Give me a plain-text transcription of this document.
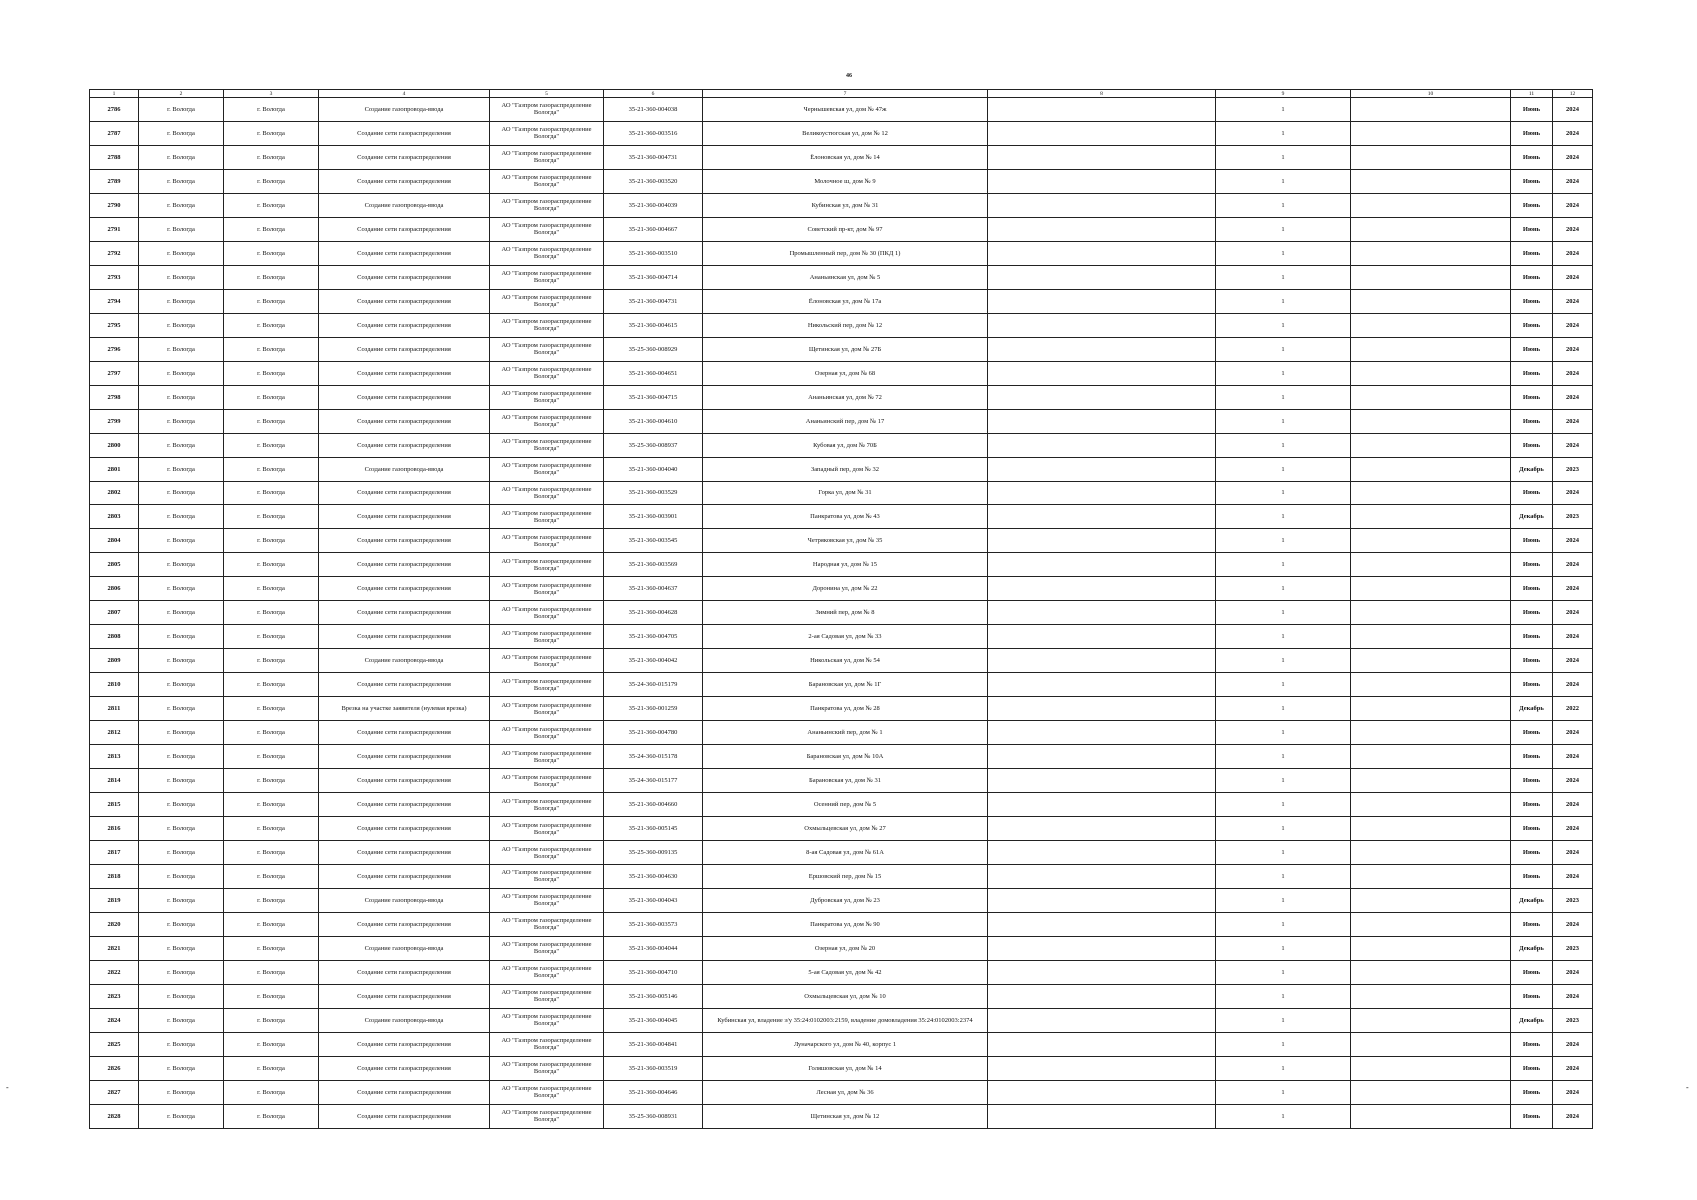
46
1	2	3	4	5	6	7	8	9	10	11	12
2786	г. Вологда	г. Вологда	Создание газопровода-ввода	АО "Газпром газораспределение Вологда"	35-21-360-004038	Чернышевская ул, дом № 47ж		1		Июнь	2024
2787	г. Вологда	г. Вологда	Создание сети газораспределения	АО "Газпром газораспределение Вологда"	35-21-360-003516	Великоустюгская ул, дом № 12		1		Июнь	2024
2788	г. Вологда	г. Вологда	Создание сети газораспределения	АО "Газпром газораспределение Вологда"	35-21-360-004731	Ёлоновская ул, дом № 14		1		Июнь	2024
2789	г. Вологда	г. Вологда	Создание сети газораспределения	АО "Газпром газораспределение Вологда"	35-21-360-003520	Молочное ш, дом № 9		1		Июнь	2024
2790	г. Вологда	г. Вологда	Создание газопровода-ввода	АО "Газпром газораспределение Вологда"	35-21-360-004039	Кубинская ул, дом № 31		1		Июнь	2024
2791	г. Вологда	г. Вологда	Создание сети газораспределения	АО "Газпром газораспределение Вологда"	35-21-360-004667	Советский пр-кт, дом № 97		1		Июнь	2024
2792	г. Вологда	г. Вологда	Создание сети газораспределения	АО "Газпром газораспределение Вологда"	35-21-360-003510	Промышленный пер, дом № 30 (ПКД 1)		1		Июнь	2024
2793	г. Вологда	г. Вологда	Создание сети газораспределения	АО "Газпром газораспределение Вологда"	35-21-360-004714	Ананьинская ул, дом № 5		1		Июнь	2024
2794	г. Вологда	г. Вологда	Создание сети газораспределения	АО "Газпром газораспределение Вологда"	35-21-360-004731	Ёлоновская ул, дом № 17а		1		Июнь	2024
2795	г. Вологда	г. Вологда	Создание сети газораспределения	АО "Газпром газораспределение Вологда"	35-21-360-004615	Никольский пер, дом № 12		1		Июнь	2024
2796	г. Вологда	г. Вологда	Создание сети газораспределения	АО "Газпром газораспределение Вологда"	35-25-360-008929	Щетинская ул, дом № 27Б		1		Июнь	2024
2797	г. Вологда	г. Вологда	Создание сети газораспределения	АО "Газпром газораспределение Вологда"	35-21-360-004651	Озерная ул, дом № 68		1		Июнь	2024
2798	г. Вологда	г. Вологда	Создание сети газораспределения	АО "Газпром газораспределение Вологда"	35-21-360-004715	Ананьинская ул, дом № 72		1		Июнь	2024
2799	г. Вологда	г. Вологда	Создание сети газораспределения	АО "Газпром газораспределение Вологда"	35-21-360-004610	Ананьинский пер, дом № 17		1		Июнь	2024
2800	г. Вологда	г. Вологда	Создание сети газораспределения	АО "Газпром газораспределение Вологда"	35-25-360-008937	Кубовая ул, дом № 70Б		1		Июнь	2024
2801	г. Вологда	г. Вологда	Создание газопровода-ввода	АО "Газпром газораспределение Вологда"	35-21-360-004040	Западный пер, дом № 32		1		Декабрь	2023
2802	г. Вологда	г. Вологда	Создание сети газораспределения	АО "Газпром газораспределение Вологда"	35-21-360-003529	Горка ул, дом № 31		1		Июнь	2024
2803	г. Вологда	г. Вологда	Создание сети газораспределения	АО "Газпром газораспределение Вологда"	35-21-360-003901	Панкратова ул, дом № 43		1		Декабрь	2023
2804	г. Вологда	г. Вологда	Создание сети газораспределения	АО "Газпром газораспределение Вологда"	35-21-360-003545	Четряковская ул, дом № 35		1		Июнь	2024
2805	г. Вологда	г. Вологда	Создание сети газораспределения	АО "Газпром газораспределение Вологда"	35-21-360-003569	Народная ул, дом № 15		1		Июнь	2024
2806	г. Вологда	г. Вологда	Создание сети газораспределения	АО "Газпром газораспределение Вологда"	35-21-360-004637	Доронина ул, дом № 22		1		Июнь	2024
2807	г. Вологда	г. Вологда	Создание сети газораспределения	АО "Газпром газораспределение Вологда"	35-21-360-004628	Зимний пер, дом № 8		1		Июнь	2024
2808	г. Вологда	г. Вологда	Создание сети газораспределения	АО "Газпром газораспределение Вологда"	35-21-360-004705	2-ая Садовая ул, дом № 33		1		Июнь	2024
2809	г. Вологда	г. Вологда	Создание газопровода-ввода	АО "Газпром газораспределение Вологда"	35-21-360-004042	Никольская ул, дом № 54		1		Июнь	2024
2810	г. Вологда	г. Вологда	Создание сети газораспределения	АО "Газпром газораспределение Вологда"	35-24-360-015179	Барановская ул, дом № 1Г		1		Июнь	2024
2811	г. Вологда	г. Вологда	Врезка на участке заявителя (нулевая врезка)	АО "Газпром газораспределение Вологда"	35-21-360-001259	Панкратова ул, дом № 28		1		Декабрь	2022
2812	г. Вологда	г. Вологда	Создание сети газораспределения	АО "Газпром газораспределение Вологда"	35-21-360-004780	Ананьинский пер, дом № 1		1		Июнь	2024
2813	г. Вологда	г. Вологда	Создание сети газораспределения	АО "Газпром газораспределение Вологда"	35-24-360-015178	Барановская ул, дом № 10А		1		Июнь	2024
2814	г. Вологда	г. Вологда	Создание сети газораспределения	АО "Газпром газораспределение Вологда"	35-24-360-015177	Барановская ул, дом № 31		1		Июнь	2024
2815	г. Вологда	г. Вологда	Создание сети газораспределения	АО "Газпром газораспределение Вологда"	35-21-360-004660	Осенний пер, дом № 5		1		Июнь	2024
2816	г. Вологда	г. Вологда	Создание сети газораспределения	АО "Газпром газораспределение Вологда"	35-21-360-005145	Охмыльцевская ул, дом № 27		1		Июнь	2024
2817	г. Вологда	г. Вологда	Создание сети газораспределения	АО "Газпром газораспределение Вологда"	35-25-360-009135	8-ая Садовая ул, дом № 61А		1		Июнь	2024
2818	г. Вологда	г. Вологда	Создание сети газораспределения	АО "Газпром газораспределение Вологда"	35-21-360-004630	Ершовский пер, дом № 15		1		Июнь	2024
2819	г. Вологда	г. Вологда	Создание газопровода-ввода	АО "Газпром газораспределение Вологда"	35-21-360-004043	Дубровская ул, дом № 23		1		Декабрь	2023
2820	г. Вологда	г. Вологда	Создание сети газораспределения	АО "Газпром газораспределение Вологда"	35-21-360-003573	Панкратова ул, дом № 90		1		Июнь	2024
2821	г. Вологда	г. Вологда	Создание газопровода-ввода	АО "Газпром газораспределение Вологда"	35-21-360-004044	Озерная ул, дом № 20		1		Декабрь	2023
2822	г. Вологда	г. Вологда	Создание сети газораспределения	АО "Газпром газораспределение Вологда"	35-21-360-004710	5-ая Садовая ул, дом № 42		1		Июнь	2024
2823	г. Вологда	г. Вологда	Создание сети газораспределения	АО "Газпром газораспределение Вологда"	35-21-360-005146	Охмыльцевская ул, дом № 10		1		Июнь	2024
2824	г. Вологда	г. Вологда	Создание газопровода-ввода	АО "Газпром газораспределение Вологда"	35-21-360-004045	Кубинская ул, владение з/у 35:24:0102003:2159, владение домовладения 35:24:0102003:2374		1		Декабрь	2023
2825	г. Вологда	г. Вологда	Создание сети газораспределения	АО "Газпром газораспределение Вологда"	35-21-360-004841	Луначарского ул, дом № 40, корпус 1		1		Июнь	2024
2826	г. Вологда	г. Вологда	Создание сети газораспределения	АО "Газпром газораспределение Вологда"	35-21-360-003519	Голяшовская ул, дом № 14		1		Июнь	2024
2827	г. Вологда	г. Вологда	Создание сети газораспределения	АО "Газпром газораспределение Вологда"	35-21-360-004646	Лесная ул, дом № 36		1		Июнь	2024
2828	г. Вологда	г. Вологда	Создание сети газораспределения	АО "Газпром газораспределение Вологда"	35-25-360-008931	Щетинская ул, дом № 12		1		Июнь	2024
-	-
